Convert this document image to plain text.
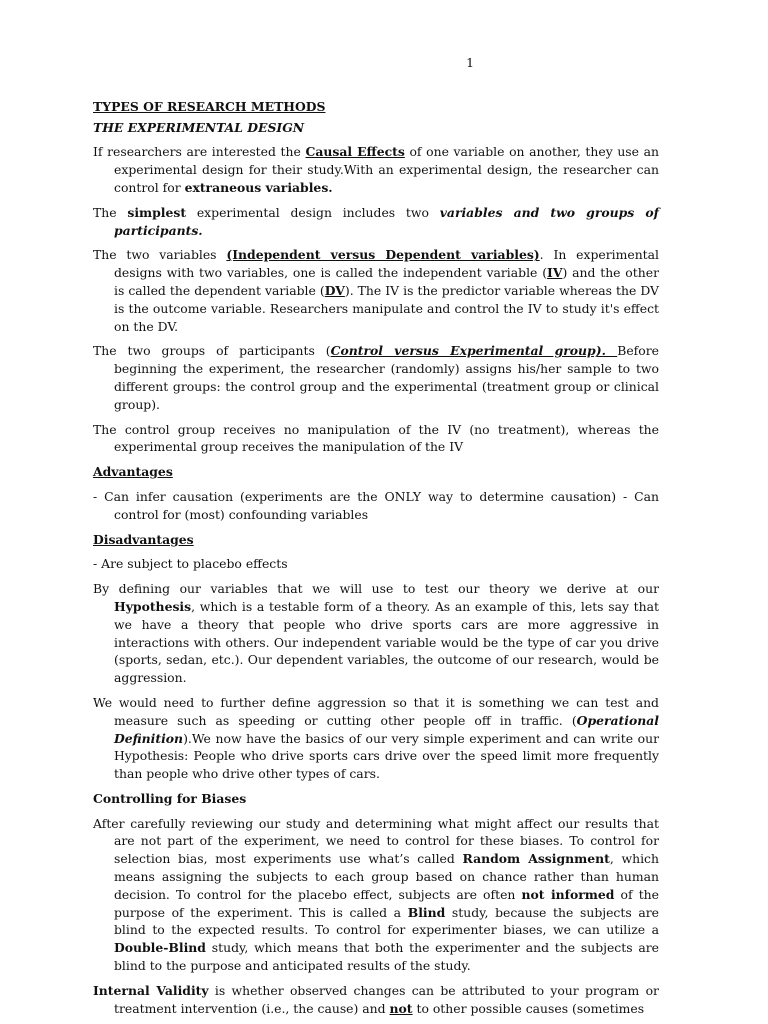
1
TYPES OF RESEARCH METHODS
THE EXPERIMENTAL DESIGN

If researchers are interested the Causal Effects of one variable on another, they use an experimental design for their study.With an experimental design, the researcher can control for extraneous variables.

The simplest experimental design includes two variables and two groups of participants.

The two variables (Independent versus Dependent variables). In experimental designs with two variables, one is called the independent variable (IV) and the other is called the dependent variable (DV). The IV is the predictor variable whereas the DV is the outcome variable. Researchers manipulate and control the IV to study it's effect on the DV.

The two groups of participants (Control versus Experimental group). Before beginning the experiment, the researcher (randomly) assigns his/her sample to two different groups: the control group and the experimental (treatment group or clinical group).

The control group receives no manipulation of the IV (no treatment), whereas the experimental group receives the manipulation of the IV

Advantages

- Can infer causation (experiments are the ONLY way to determine causation) - Can control for (most) confounding variables

Disadvantages

- Are subject to placebo effects

By defining our variables that we will use to test our theory we derive at our Hypothesis, which is a testable form of a theory. As an example of this, lets say that we have a theory that people who drive sports cars are more aggressive in interactions with others. Our independent variable would be the type of car you drive (sports, sedan, etc.). Our dependent variables, the outcome of our research, would be aggression.

We would need to further define aggression so that it is something we can test and measure such as speeding or cutting other people off in traffic. (Operational Definition).We now have the basics of our very simple experiment and can write our Hypothesis: People who drive sports cars drive over the speed limit more frequently than people who drive other types of cars.

Controlling for Biases

After carefully reviewing our study and determining what might affect our results that are not part of the experiment, we need to control for these biases. To control for selection bias, most experiments use what’s called Random Assignment, which means assigning the subjects to each group based on chance rather than human decision. To control for the placebo effect, subjects are often not informed of the purpose of the experiment. This is called a Blind study, because the subjects are blind to the expected results. To control for experimenter biases, we can utilize a Double-Blind study, which means that both the experimenter and the subjects are blind to the purpose and anticipated results of the study.

Internal Validity is whether observed changes can be attributed to your program or treatment intervention (i.e., the cause) and not to other possible causes (sometimes
